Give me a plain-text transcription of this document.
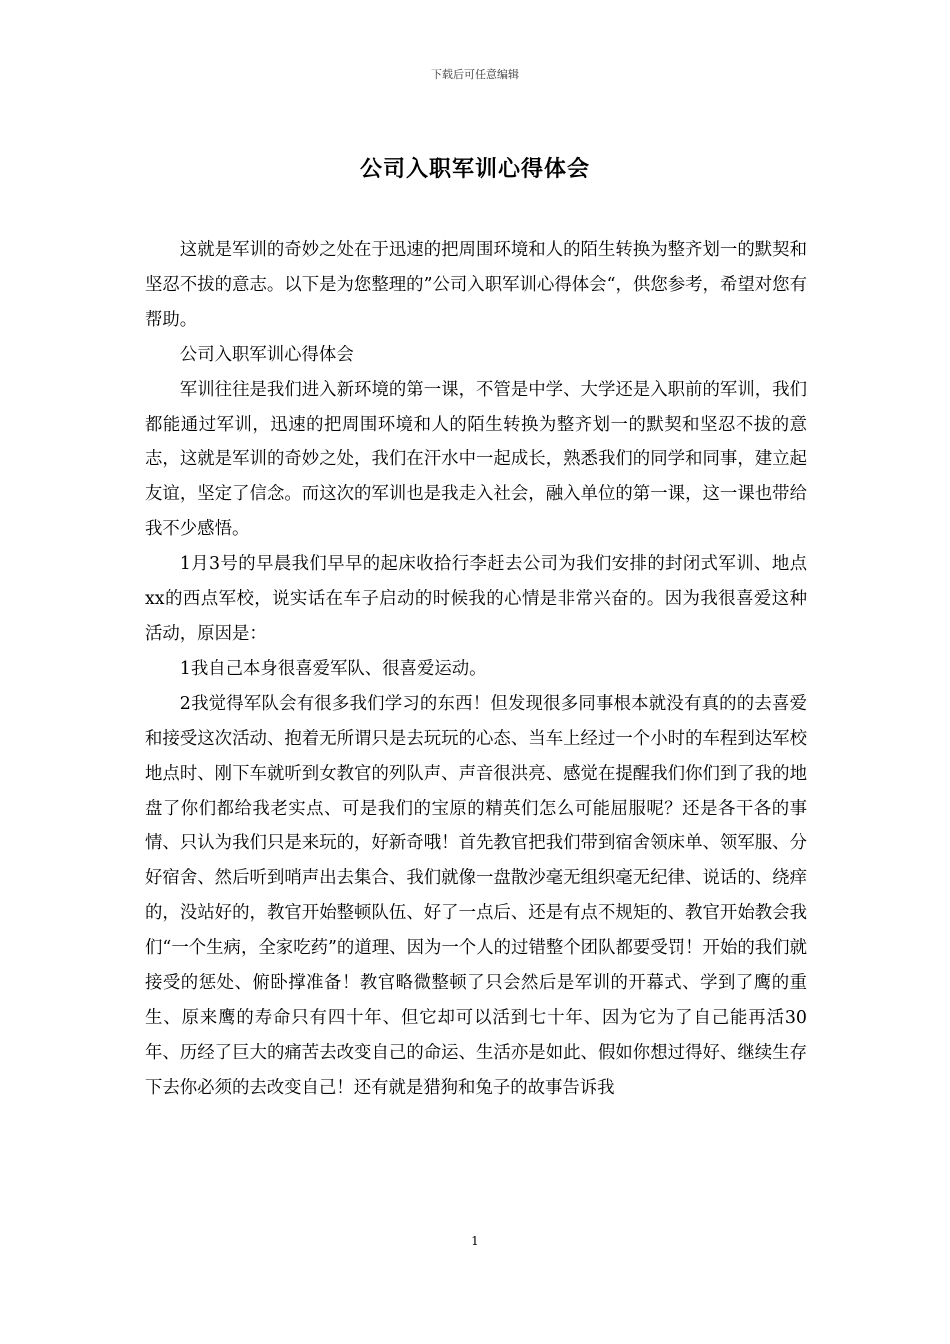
下载后可任意编辑
公司入职军训心得体会

这就是军训的奇妙之处在于迅速的把周围环境和人的陌生转换为整齐划一的默契和坚忍不拔的意志。以下是为您整理的”公司入职军训心得体会“，供您参考，希望对您有帮助。

公司入职军训心得体会

军训往往是我们进入新环境的第一课，不管是中学、大学还是入职前的军训，我们都能通过军训，迅速的把周围环境和人的陌生转换为整齐划一的默契和坚忍不拔的意志，这就是军训的奇妙之处，我们在汗水中一起成长，熟悉我们的同学和同事，建立起友谊，坚定了信念。而这次的军训也是我走入社会，融入单位的第一课，这一课也带给我不少感悟。

1月3号的早晨我们早早的起床收拾行李赶去公司为我们安排的封闭式军训、地点xx的西点军校，说实话在车子启动的时候我的心情是非常兴奋的。因为我很喜爱这种活动，原因是：

1我自己本身很喜爱军队、很喜爱运动。

2我觉得军队会有很多我们学习的东西！但发现很多同事根本就没有真的的去喜爱和接受这次活动、抱着无所谓只是去玩玩的心态、当车上经过一个小时的车程到达军校地点时、刚下车就听到女教官的列队声、声音很洪亮、感觉在提醒我们你们到了我的地盘了你们都给我老实点、可是我们的宝原的精英们怎么可能屈服呢？还是各干各的事情、只认为我们只是来玩的，好新奇哦！首先教官把我们带到宿舍领床单、领军服、分好宿舍、然后听到哨声出去集合、我们就像一盘散沙毫无组织毫无纪律、说话的、绕痒的，没站好的，教官开始整顿队伍、好了一点后、还是有点不规矩的、教官开始教会我们“一个生病，全家吃药”的道理、因为一个人的过错整个团队都要受罚！开始的我们就接受的惩处、俯卧撑准备！教官略微整顿了只会然后是军训的开幕式、学到了鹰的重生、原来鹰的寿命只有四十年、但它却可以活到七十年、因为它为了自己能再活30年、历经了巨大的痛苦去改变自己的命运、生活亦是如此、假如你想过得好、继续生存下去你必须的去改变自己！还有就是猎狗和兔子的故事告诉我

1
